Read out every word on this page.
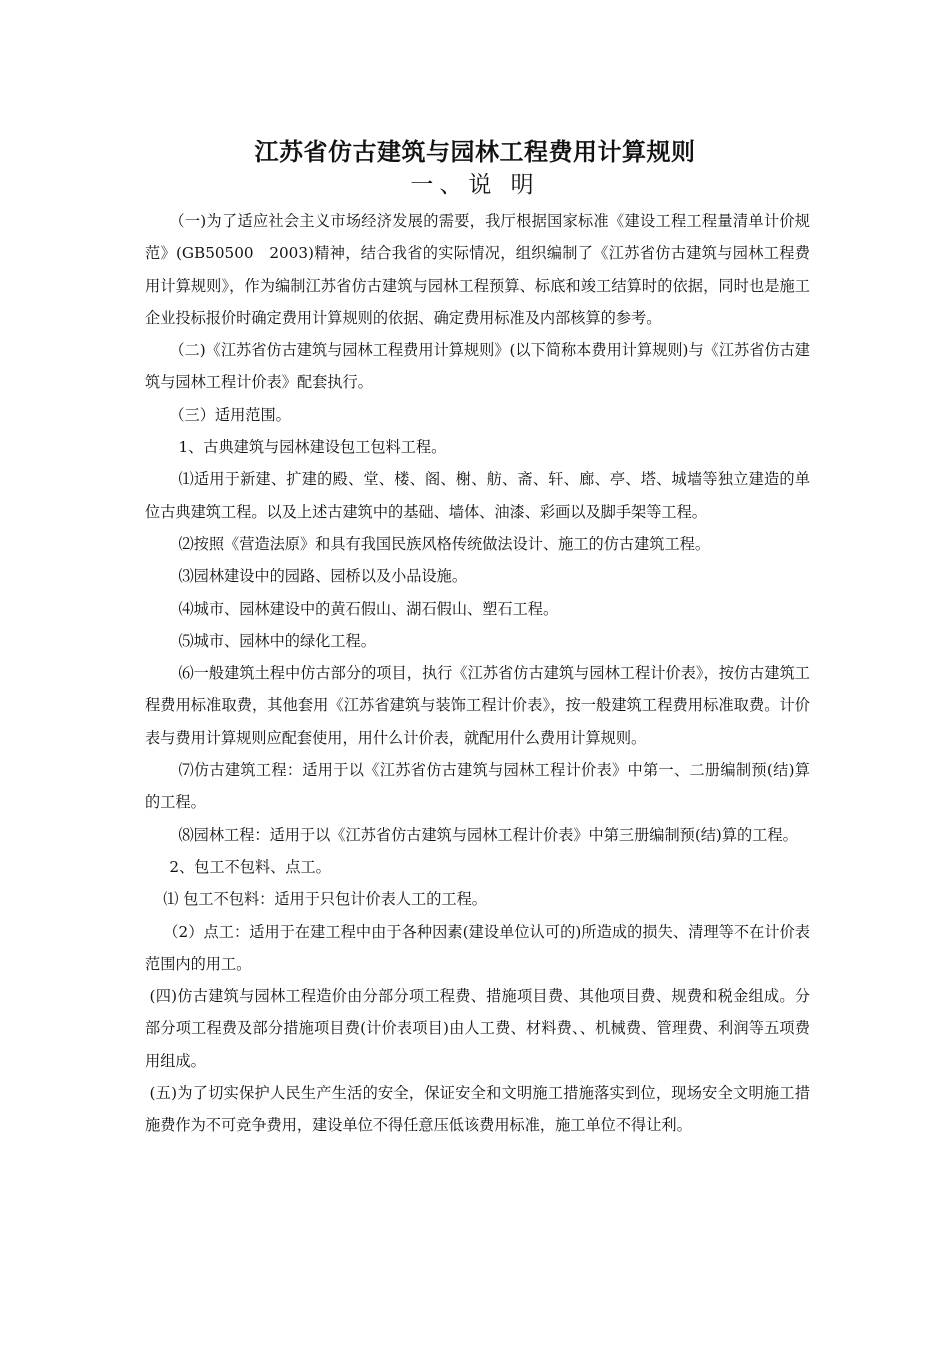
江苏省仿古建筑与园林工程费用计算规则
一、说 明

（一)为了适应社会主义市场经济发展的需要，我厅根据国家标准《建设工程工程量清单计价规范》(GB50500　2003)精神，结合我省的实际情况，组织编制了《江苏省仿古建筑与园林工程费用计算规则》，作为编制江苏省仿古建筑与园林工程预算、标底和竣工结算时的依据，同时也是施工企业投标报价时确定费用计算规则的依据、确定费用标准及内部核算的参考。

（二)《江苏省仿古建筑与园林工程费用计算规则》(以下简称本费用计算规则)与《江苏省仿古建筑与园林工程计价表》配套执行。

（三）适用范围。

1、古典建筑与园林建设包工包料工程。

⑴适用于新建、扩建的殿、堂、楼、阁、榭、舫、斋、轩、廊、亭、塔、城墙等独立建造的单位古典建筑工程。以及上述古建筑中的基础、墙体、油漆、彩画以及脚手架等工程。

⑵按照《营造法原》和具有我国民族风格传统做法设计、施工的仿古建筑工程。

⑶园林建设中的园路、园桥以及小品设施。

⑷城市、园林建设中的黄石假山、湖石假山、塑石工程。

⑸城市、园林中的绿化工程。

⑹一般建筑土程中仿古部分的项目，执行《江苏省仿古建筑与园林工程计价表》，按仿古建筑工程费用标准取费，其他套用《江苏省建筑与装饰工程计价表》，按一般建筑工程费用标准取费。计价表与费用计算规则应配套使用，用什么计价表，就配用什么费用计算规则。

⑺仿古建筑工程：适用于以《江苏省仿古建筑与园林工程计价表》中第一、二册编制预(结)算　的工程。

⑻园林工程：适用于以《江苏省仿古建筑与园林工程计价表》中第三册编制预(结)算的工程。

2、包工不包料、点工。

⑴ 包工不包料：适用于只包计价表人工的工程。

（2）点工：适用于在建工程中由于各种因素(建设单位认可的)所造成的损失、清理等不在计价表范围内的用工。

(四)仿古建筑与园林工程造价由分部分项工程费、措施项目费、其他项目费、规费和税金组成。分部分项工程费及部分措施项目费(计价表项目)由人工费、材料费、、机械费、管理费、利润等五项费用组成。

(五)为了切实保护人民生产生活的安全，保证安全和文明施工措施落实到位，现场安全文明施工措施费作为不可竞争费用，建设单位不得任意压低该费用标准，施工单位不得让利。
